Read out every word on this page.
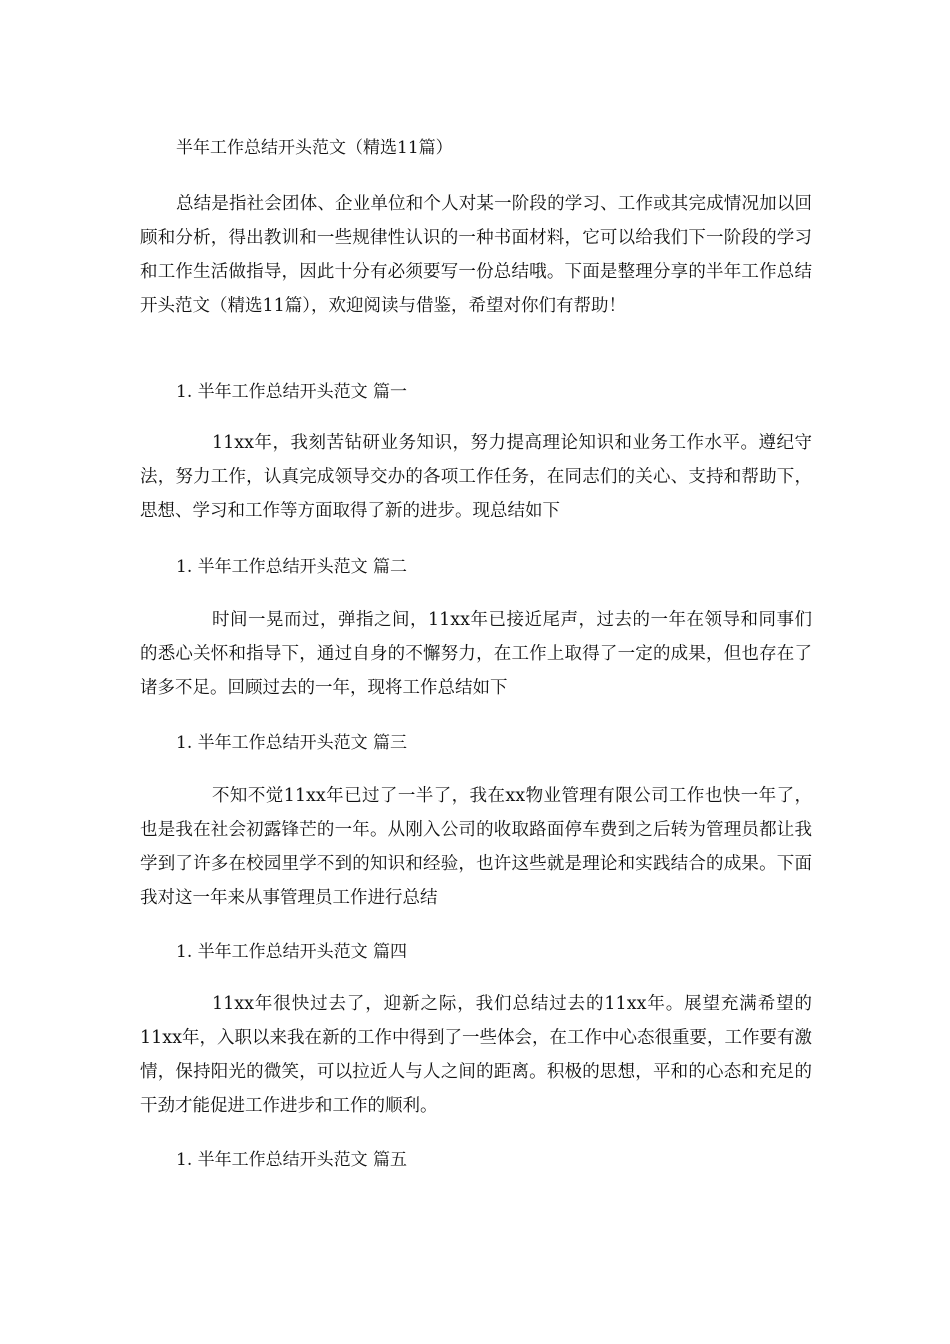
半年工作总结开头范文（精选11篇）

总结是指社会团体、企业单位和个人对某一阶段的学习、工作或其完成情况加以回顾和分析，得出教训和一些规律性认识的一种书面材料，它可以给我们下一阶段的学习和工作生活做指导，因此十分有必须要写一份总结哦。下面是整理分享的半年工作总结开头范文（精选11篇），欢迎阅读与借鉴，希望对你们有帮助！

1. 半年工作总结开头范文 篇一

11xx年，我刻苦钻研业务知识，努力提高理论知识和业务工作水平。遵纪守法，努力工作，认真完成领导交办的各项工作任务，在同志们的关心、支持和帮助下，思想、学习和工作等方面取得了新的进步。现总结如下

1. 半年工作总结开头范文 篇二

时间一晃而过，弹指之间，11xx年已接近尾声，过去的一年在领导和同事们的悉心关怀和指导下，通过自身的不懈努力，在工作上取得了一定的成果，但也存在了诸多不足。回顾过去的一年，现将工作总结如下

1. 半年工作总结开头范文 篇三

不知不觉11xx年已过了一半了，我在xx物业管理有限公司工作也快一年了，也是我在社会初露锋芒的一年。从刚入公司的收取路面停车费到之后转为管理员都让我学到了许多在校园里学不到的知识和经验，也许这些就是理论和实践结合的成果。下面我对这一年来从事管理员工作进行总结

1. 半年工作总结开头范文 篇四

11xx年很快过去了，迎新之际，我们总结过去的11xx年。展望充满希望的11xx年，入职以来我在新的工作中得到了一些体会，在工作中心态很重要，工作要有激情，保持阳光的微笑，可以拉近人与人之间的距离。积极的思想，平和的心态和充足的干劲才能促进工作进步和工作的顺利。

1. 半年工作总结开头范文 篇五
